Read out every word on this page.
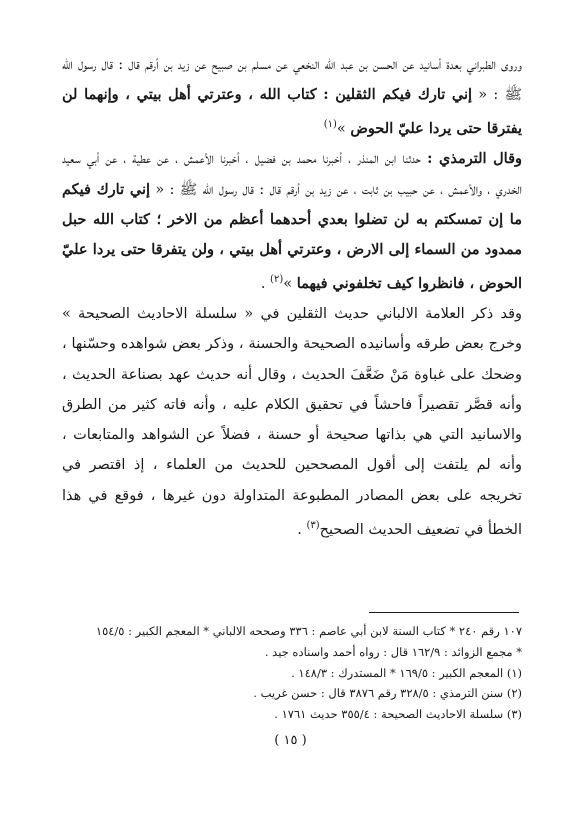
وروى الطبراني بعدة أسانيد عن الحسن بن عبد الله النخعي عن مسلم بن صبيح عن زيد بن أرقم قال : قال رسول الله ﷺ : « إني تارك فيكم الثقلين : كتاب الله ، وعترتي أهل بيتي ، وإنهما لن يفترقا حتى يردا عليّ الحوض »$^{(١)}$

وقال الترمذي : حدثنا ابن المنذر ، أخبرنا محمد بن فضيل ، أخبرنا الأعمش ، عن عطية ، عن أبي سعيد الخدري ، والأعمش ، عن حبيب بن ثابت ، عن زيد بن أرقم قال : قال رسول الله ﷺ : « إني تارك فيكم ما إن تمسكتم به لن تضلوا بعدي أحدهما أعظم من الاخر ؛ كتاب الله حبل ممدود من السماء إلى الارض ، وعترتي أهل بيتي ، ولن يتفرقا حتى يردا عليّ الحوض ، فانظروا كيف تخلفوني فيهما »$^{(٢)}$ .

وقد ذكر العلامة الالباني حديث الثقلين في « سلسلة الاحاديث الصحيحة » وخرج بعض طرقه وأسانيده الصحيحة والحسنة ، وذكر بعض شواهده وحسّنها ، وضحك على غباوة مَنْ ضَعَّفَ الحديث ، وقال أنه حديث عهد بصناعة الحديث ، وأنه قصَّر تقصيراً فاحشاً في تحقيق الكلام عليه ، وأنه فاته كثير من الطرق والاسانيد التي هي بذاتها صحيحة أو حسنة ، فضلاً عن الشواهد والمتابعات ، وأنه لم يلتفت إلى أقول المصححين للحديث من العلماء ، إذ اقتصر في تخريجه على بعض المصادر المطبوعة المتداولة دون غيرها ، فوقع في هذا الخطأ في تضعيف الحديث الصحيح$^{(٣)}$ .

١٠٧ رقم ٢٤٠ * كتاب السنة لابن أبي عاصم : ٣٣٦ وصححه الالباني * المعجم الكبير : ١٥٤/٥

* مجمع الزوائد : ١٦٢/٩ قال : رواه أحمد واسناده جيد .

(١) المعجم الكبير : ١٦٩/٥ * المستدرك : ١٤٨/٣ .

(٢) سنن الترمذي : ٣٢٨/٥ رقم ٣٨٧٦ قال : حسن غريب .

(٣) سلسلة الاحاديث الصحيحة : ٣٥٥/٤ حديث ١٧٦١ .

( ١٥ )
